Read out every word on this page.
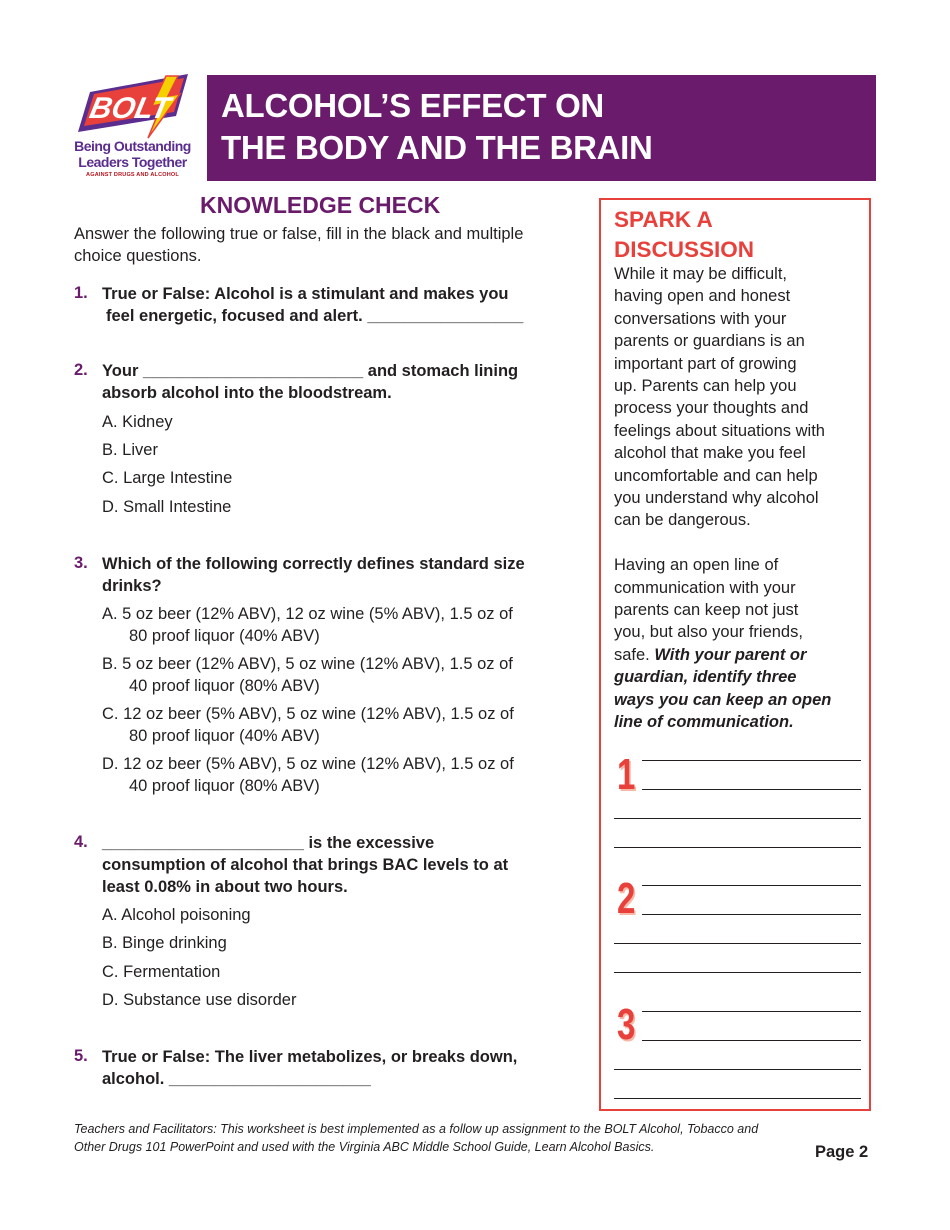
BOLT
Being Outstanding
Leaders Together
AGAINST DRUGS AND ALCOHOL
ALCOHOL’S EFFECT ON
THE BODY AND THE BRAIN
KNOWLEDGE CHECK

Answer the following true or false, fill in the black and multiple
choice questions.

1. True or False: Alcohol is a stimulant and makes you
feel energetic, focused and alert. _________________
2. Your ________________________ and stomach lining
absorb alcohol into the bloodstream.
A. Kidney
B. Liver
C. Large Intestine
D. Small Intestine
3. Which of the following correctly defines standard size
drinks?
A. 5 oz beer (12% ABV), 12 oz wine (5% ABV), 1.5 oz of
80 proof liquor (40% ABV)
B. 5 oz beer (12% ABV), 5 oz wine (12% ABV), 1.5 oz of
40 proof liquor (80% ABV)
C. 12 oz beer (5% ABV), 5 oz wine (12% ABV), 1.5 oz of
80 proof liquor (40% ABV)
D. 12 oz beer (5% ABV), 5 oz wine (12% ABV), 1.5 oz of
40 proof liquor (80% ABV)
4. ______________________ is the excessive
consumption of alcohol that brings BAC levels to at
least 0.08% in about two hours.
A. Alcohol poisoning
B. Binge drinking
C. Fermentation
D. Substance use disorder
5. True or False: The liver metabolizes, or breaks down,
alcohol. ______________________
SPARK A
DISCUSSION
While it may be difficult,
having open and honest
conversations with your
parents or guardians is an
important part of growing
up. Parents can help you
process your thoughts and
feelings about situations with
alcohol that make you feel
uncomfortable and can help
you understand why alcohol
can be dangerous.
Having an open line of
communication with your
parents can keep not just
you, but also your friends,
safe. With your parent or
guardian, identify three
ways you can keep an open
line of communication.
1
2
3

Teachers and Facilitators: This worksheet is best implemented as a follow up assignment to the BOLT Alcohol, Tobacco and
Other Drugs 101 PowerPoint and used with the Virginia ABC Middle School Guide, Learn Alcohol Basics.	Page 2
